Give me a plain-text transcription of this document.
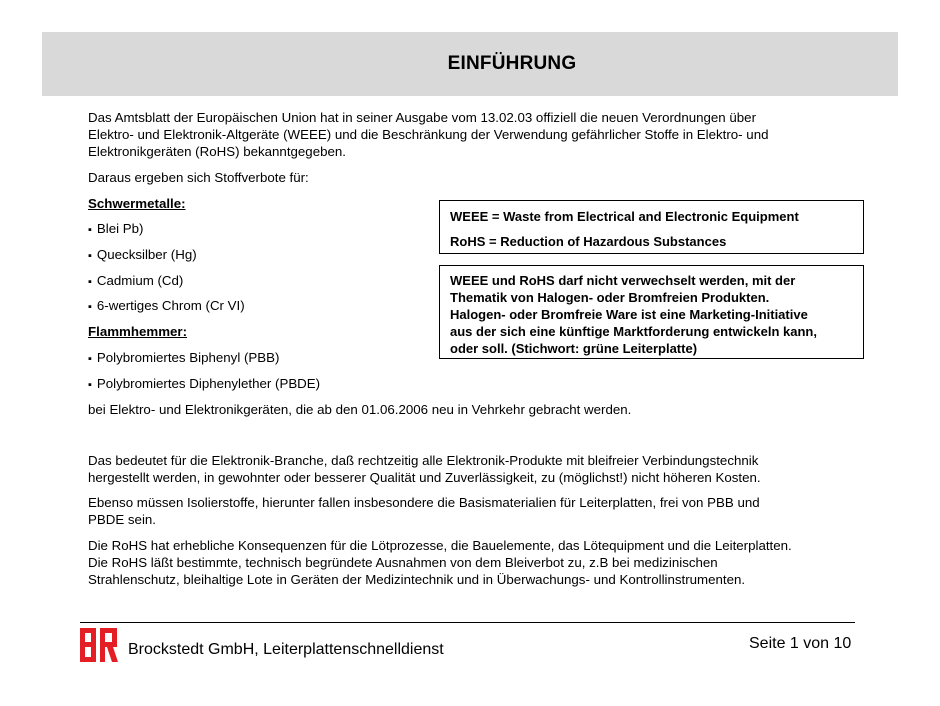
EINFÜHRUNG
Das Amtsblatt der Europäischen Union hat in seiner Ausgabe vom 13.02.03 offiziell die neuen Verordnungen über
Elektro- und Elektronik-Altgeräte (WEEE) und die Beschränkung der Verwendung gefährlicher Stoffe in Elektro- und
Elektronikgeräten (RoHS) bekanntgegeben.
Daraus ergeben sich Stoffverbote für:
Schwermetalle:
▪ Blei Pb)
▪ Quecksilber (Hg)
▪ Cadmium (Cd)
▪ 6-wertiges Chrom (Cr VI)
Flammhemmer:
▪ Polybromiertes Biphenyl (PBB)
▪ Polybromiertes Diphenylether (PBDE)
bei Elektro- und Elektronikgeräten, die ab den 01.06.2006 neu in Vehrkehr gebracht werden.
Das bedeutet für die Elektronik-Branche, daß rechtzeitig alle Elektronik-Produkte mit bleifreier Verbindungstechnik
hergestellt werden, in gewohnter oder besserer Qualität und Zuverlässigkeit, zu (möglichst!) nicht höheren Kosten.
Ebenso müssen Isolierstoffe, hierunter fallen insbesondere die Basismaterialien für Leiterplatten, frei von PBB und
PBDE sein.
Die RoHS hat erhebliche Konsequenzen für die Lötprozesse, die Bauelemente, das Lötequipment und die Leiterplatten.
Die RoHS läßt bestimmte, technisch begründete Ausnahmen von dem Bleiverbot zu, z.B bei medizinischen
Strahlenschutz, bleihaltige Lote in Geräten der Medizintechnik und in Überwachungs- und Kontrollinstrumenten.
WEEE = Waste from Electrical and Electronic Equipment
RoHS = Reduction of Hazardous Substances
WEEE und RoHS darf nicht verwechselt werden, mit der
Thematik von Halogen- oder Bromfreien Produkten.
Halogen- oder Bromfreie Ware ist eine Marketing-Initiative
aus der sich eine künftige Marktforderung entwickeln kann,
oder soll. (Stichwort: grüne Leiterplatte)
Brockstedt GmbH, Leiterplattenschnelldienst	Seite 1 von 10
